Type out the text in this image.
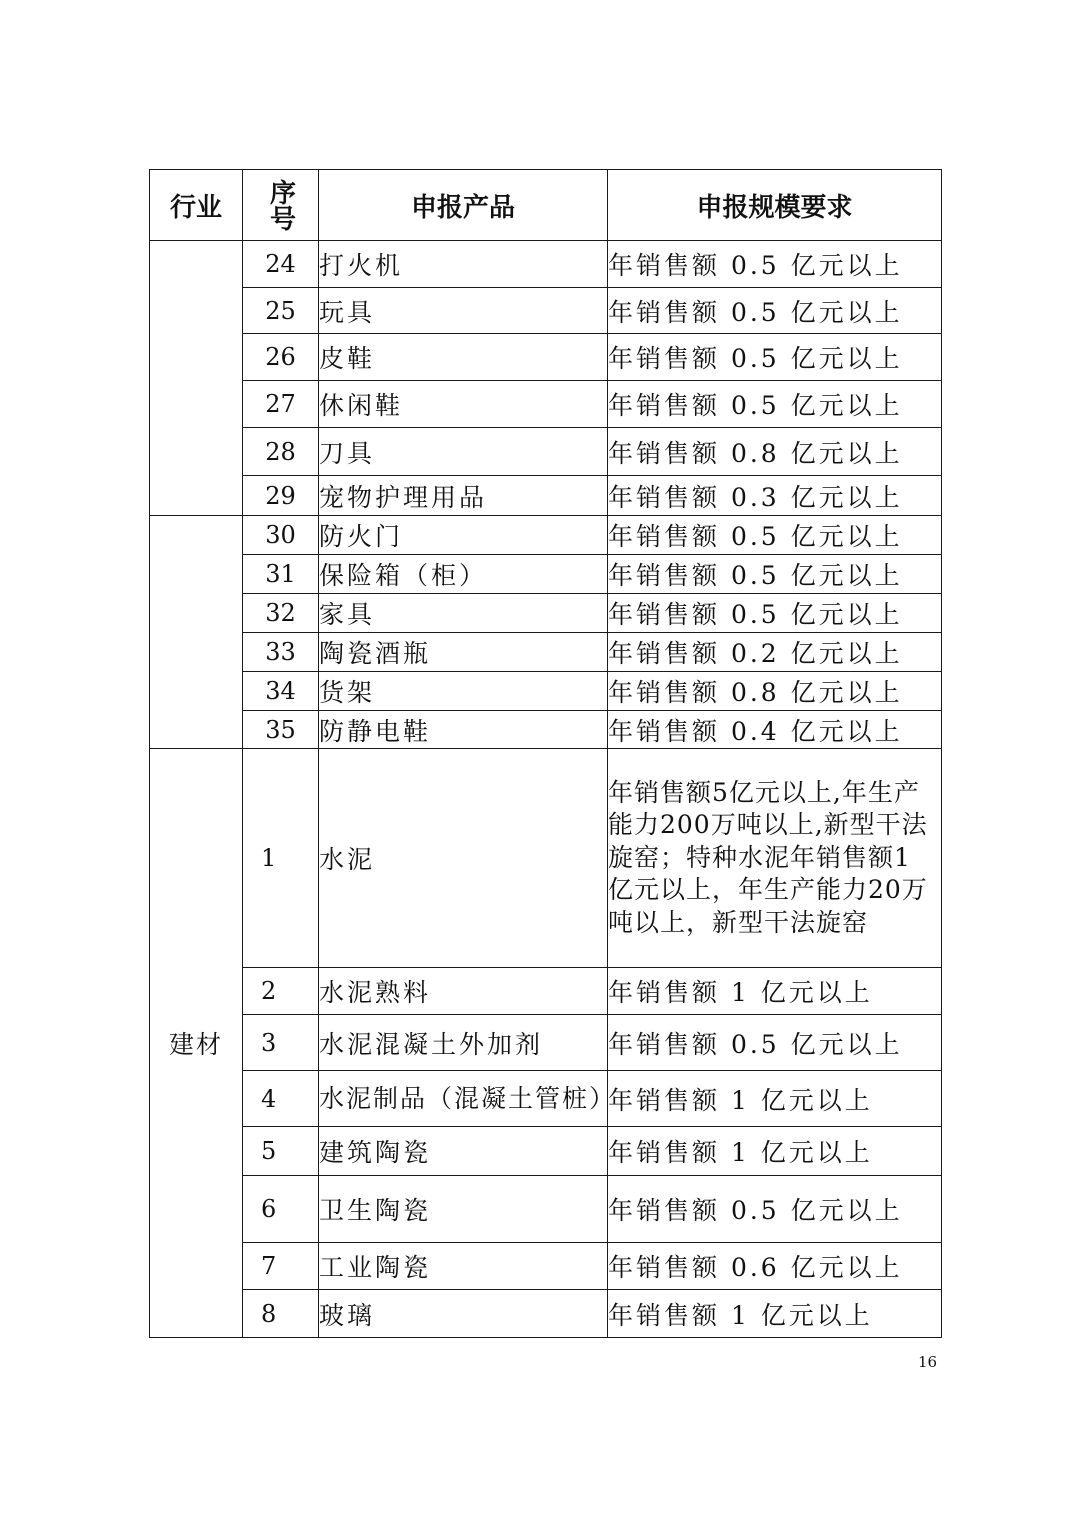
行业	序号	申报产品	申报规模要求
	24	打火机	年销售额 0.5 亿元以上
	25	玩具	年销售额 0.5 亿元以上
	26	皮鞋	年销售额 0.5 亿元以上
	27	休闲鞋	年销售额 0.5 亿元以上
	28	刀具	年销售额 0.8 亿元以上
	29	宠物护理用品	年销售额 0.3 亿元以上
	30	防火门	年销售额 0.5 亿元以上
	31	保险箱（柜）	年销售额 0.5 亿元以上
	32	家具	年销售额 0.5 亿元以上
	33	陶瓷酒瓶	年销售额 0.2 亿元以上
	34	货架	年销售额 0.8 亿元以上
	35	防静电鞋	年销售额 0.4 亿元以上
建材	1	水泥	年销售额5亿元以上,年生产能力200万吨以上,新型干法旋窑；特种水泥年销售额1亿元以上，年生产能力20万吨以上，新型干法旋窑
	2	水泥熟料	年销售额 1 亿元以上
	3	水泥混凝土外加剂	年销售额 0.5 亿元以上
	4	水泥制品（混凝土管桩）	年销售额 1 亿元以上
	5	建筑陶瓷	年销售额 1 亿元以上
	6	卫生陶瓷	年销售额 0.5 亿元以上
	7	工业陶瓷	年销售额 0.6 亿元以上
	8	玻璃	年销售额 1 亿元以上
16
